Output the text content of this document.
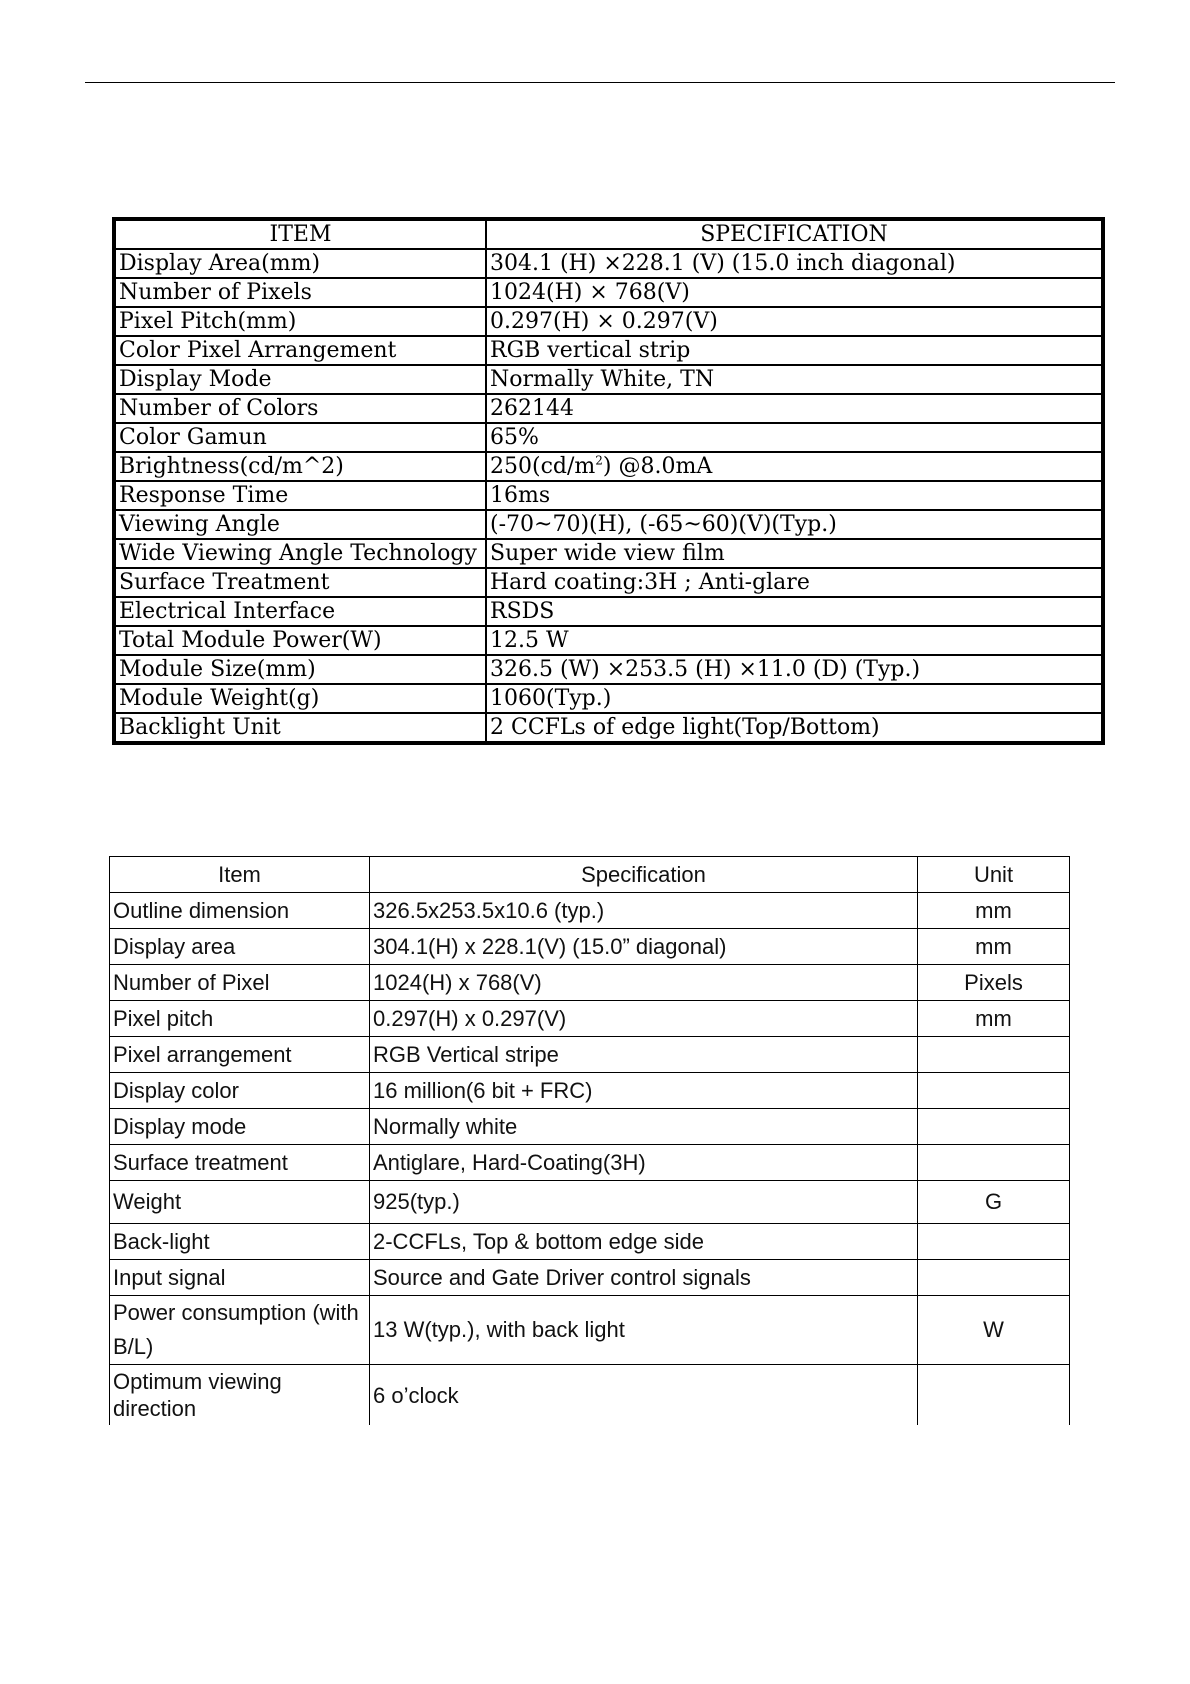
ITEM	SPECIFICATION
Display Area(mm)	304.1 (H) ×228.1 (V) (15.0 inch diagonal)
Number of Pixels	1024(H) × 768(V)
Pixel Pitch(mm)	0.297(H) × 0.297(V)
Color Pixel Arrangement	RGB vertical strip
Display Mode	Normally White, TN
Number of Colors	262144
Color Gamun	65%
Brightness(cd/m^2)	$250(cd/m^2)$ @8.0mA
Response Time	16ms
Viewing Angle	(-70~70)(H), (-65~60)(V)(Typ.)
Wide Viewing Angle Technology	Super wide view film
Surface Treatment	Hard coating:3H ; Anti-glare
Electrical Interface	RSDS
Total Module Power(W)	12.5 W
Module Size(mm)	326.5 (W) ×253.5 (H) ×11.0 (D) (Typ.)
Module Weight(g)	1060(Typ.)
Backlight Unit	2 CCFLs of edge light(Top/Bottom)
Item	Specification	Unit
Outline dimension	326.5x253.5x10.6 (typ.)	mm
Display area	304.1(H) x 228.1(V) (15.0” diagonal)	mm
Number of Pixel	1024(H) x 768(V)	Pixels
Pixel pitch	0.297(H) x 0.297(V)	mm
Pixel arrangement	RGB Vertical stripe	
Display color	16 million(6 bit + FRC)	
Display mode	Normally white	
Surface treatment	Antiglare, Hard-Coating(3H)	
Weight	925(typ.)	G
Back-light	2-CCFLs, Top & bottom edge side	
Input signal	Source and Gate Driver control signals	
Power consumption (with B/L)	13 W(typ.), with back light	W
Optimum viewing direction	6 o’clock	
